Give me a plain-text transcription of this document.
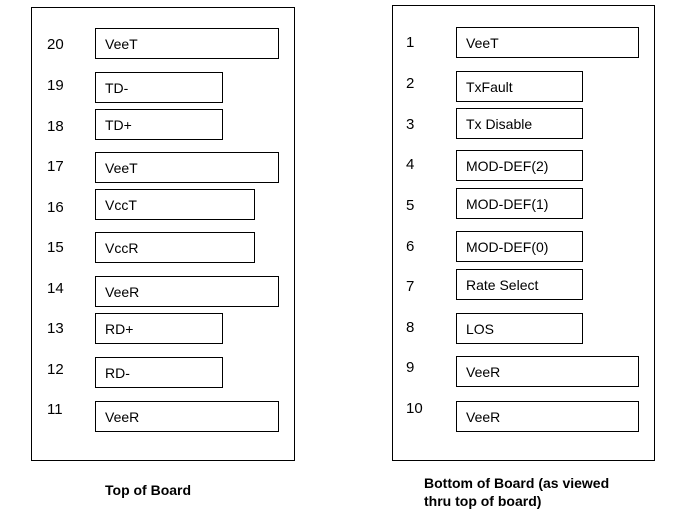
20	VeeT
19	TD-
18	TD+
17	VeeT
16	VccT
15	VccR
14	VeeR
13	RD+
12	RD-
11	VeeR
Top of Board
1	VeeT
2	TxFault
3	Tx Disable
4	MOD-DEF(2)
5	MOD-DEF(1)
6	MOD-DEF(0)
7	Rate Select
8	LOS
9	VeeR
10	VeeR
Bottom of Board (as viewed
thru top of board)
